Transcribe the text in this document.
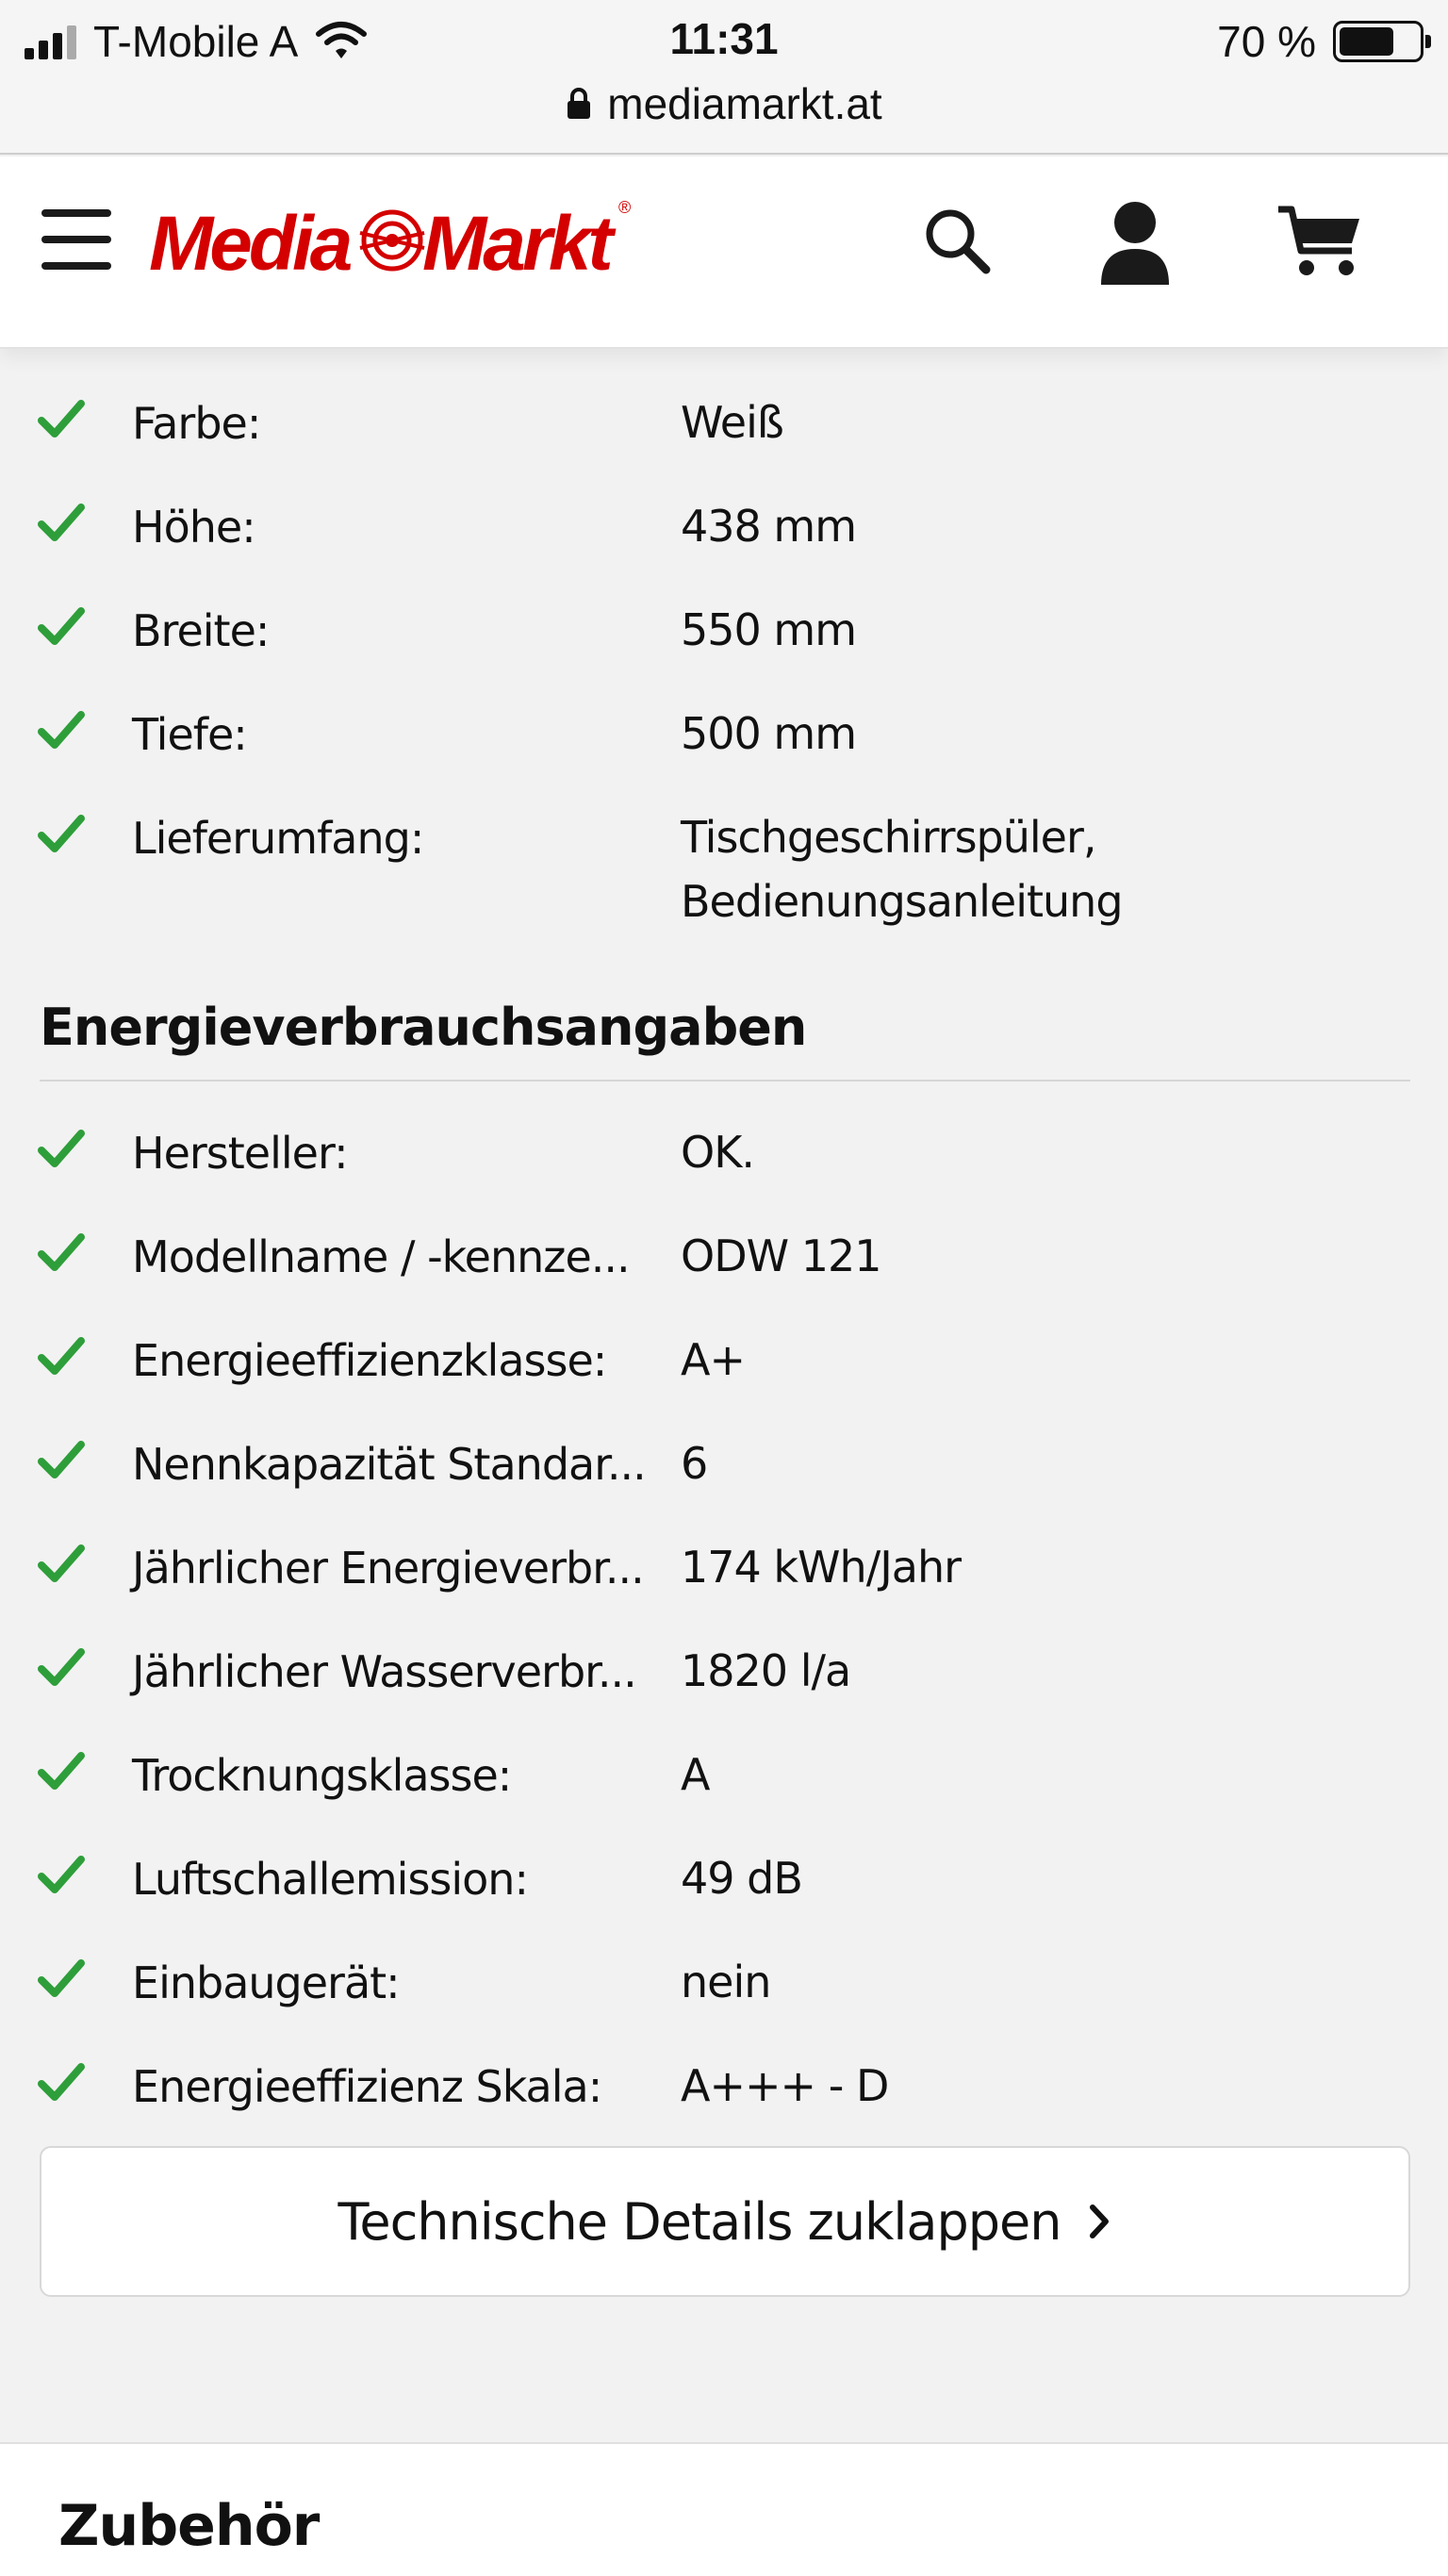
T-Mobile A	11:31	70 %
mediamarkt.at
Media Markt ®
Farbe:	Weiß
Höhe:	438 mm
Breite:	550 mm
Tiefe:	500 mm
Lieferumfang:	Tischgeschirrspüler,
Bedienungsanleitung
Energieverbrauchsangaben
Hersteller:	OK.
Modellname / -kennze... ODW 121
Energieeffizienzklasse: A+
Nennkapazität Standar... 6
Jährlicher Energieverbr... 174 kWh/Jahr
Jährlicher Wasserverbr... 1820 l/a
Trocknungsklasse:	A
Luftschallemission:	49 dB
Einbaugerät:	nein
Energieeffizienz Skala: A+++ - D
Technische Details zuklappen
Zubehör
